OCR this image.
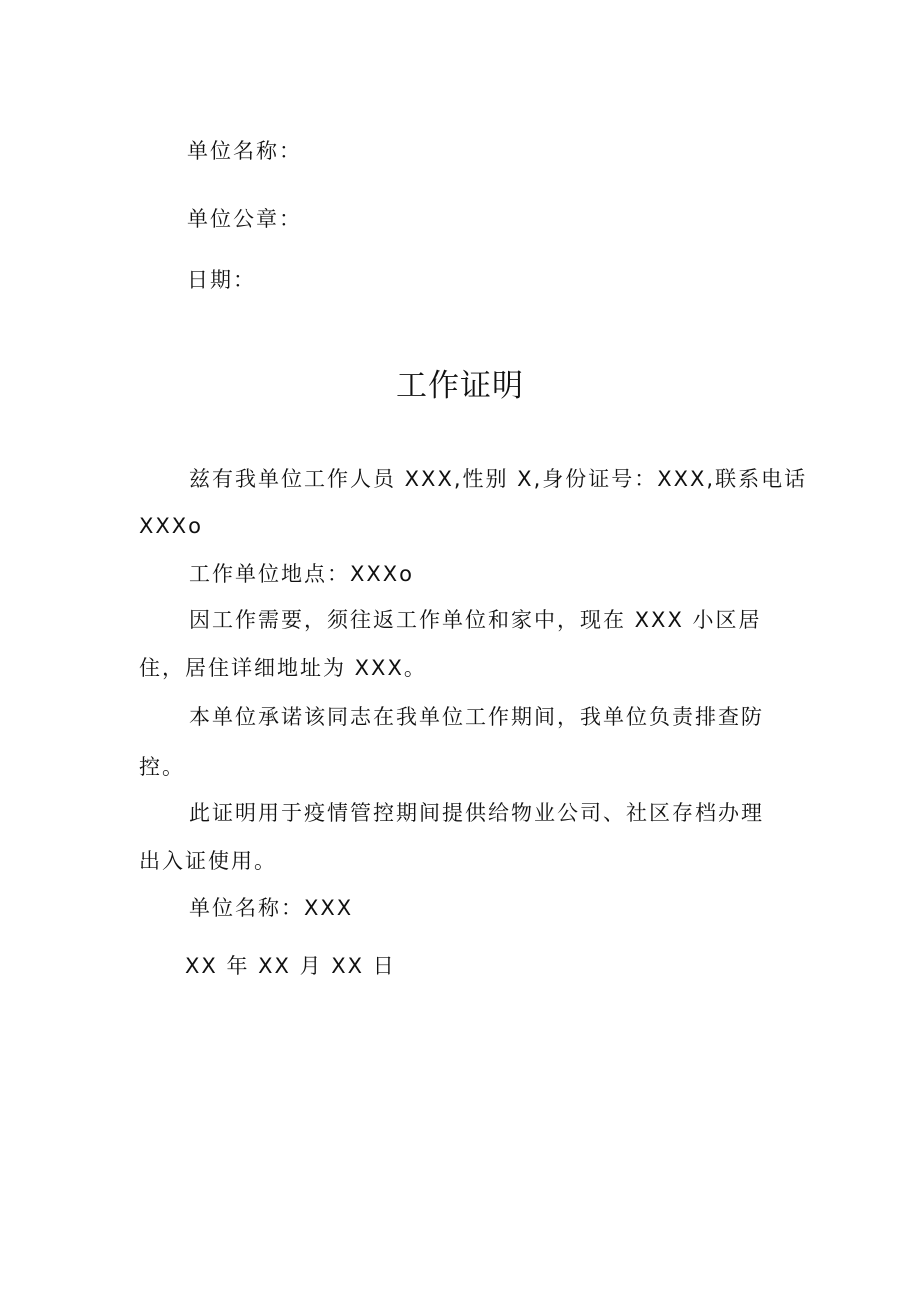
单位名称：
单位公章：
日期：
工作证明
兹有我单位工作人员 XXX,性别 X,身份证号：XXX,联系电话
XXXo
工作单位地点：XXXo
因工作需要，须往返工作单位和家中，现在 XXX 小区居
住，居住详细地址为 XXX。
本单位承诺该同志在我单位工作期间，我单位负责排查防
控。
此证明用于疫情管控期间提供给物业公司、社区存档办理
出入证使用。
单位名称：XXX
XX 年 XX 月 XX 日
